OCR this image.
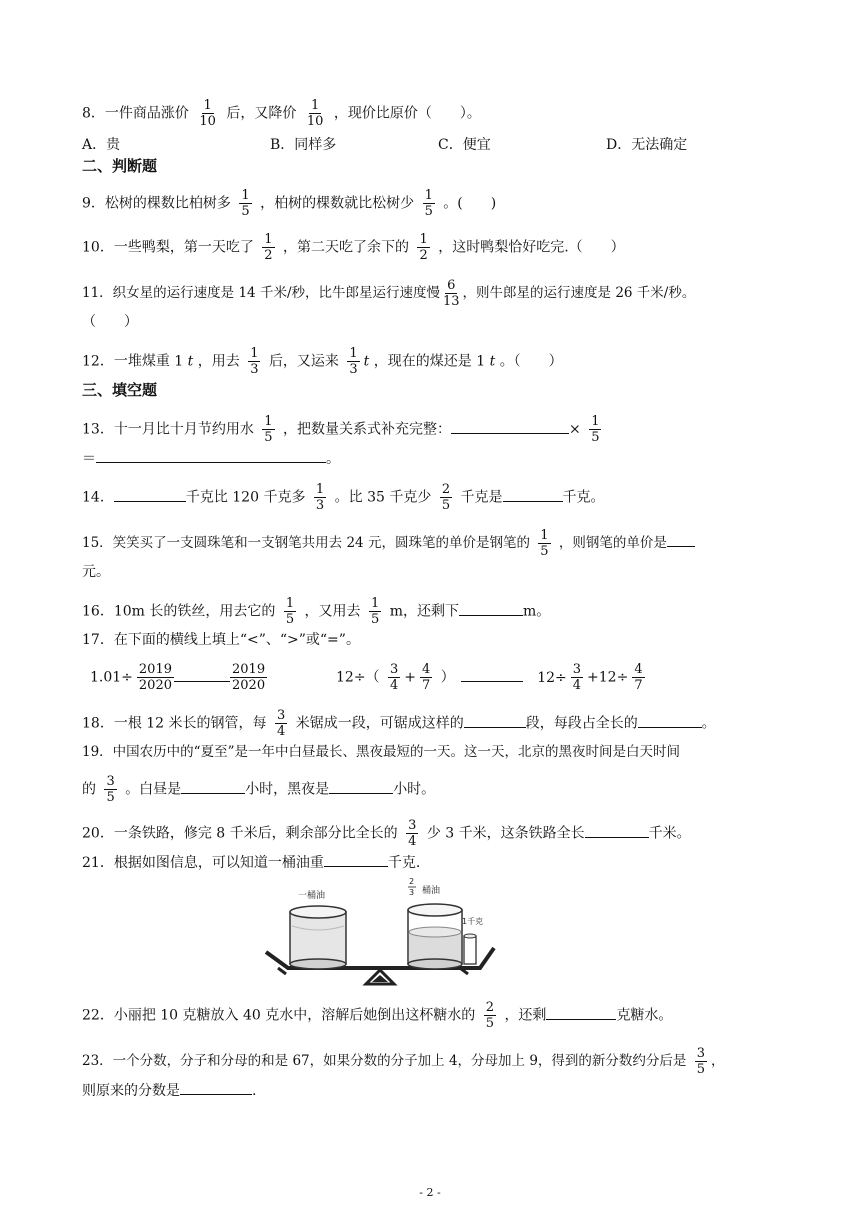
8．一件商品涨价 $\frac{1}{10}$ 后，又降价 $\frac{1}{10}$ ，现价比原价（　　）。
A．贵	B．同样多	C．便宜	D．无法确定
二、判断题
9．松树的棵数比柏树多 $\frac{1}{5}$ ，柏树的棵数就比松树少 $\frac{1}{5}$ 。(　　)
10．一些鸭梨，第一天吃了 $\frac{1}{2}$ ，第二天吃了余下的 $\frac{1}{2}$ ，这时鸭梨恰好吃完.（　　）
11．织女星的运行速度是 14 千米/秒，比牛郎星运行速度慢 $\frac{6}{13}$ ，则牛郎星的运行速度是 26 千米/秒。
（　　）
12．一堆煤重 1 t ，用去 $\frac{1}{3}$ 后，又运来 $\frac{1}{3}$ t ，现在的煤还是 1 t 。（　　）
三、填空题
13．十一月比十月节约用水 $\frac{1}{5}$ ，把数量关系式补充完整：	× $\frac{1}{5}$
＝	。
14．	千克比 120 千克多 $\frac{1}{3}$ 。比 35 千克少 $\frac{2}{5}$ 千克是	千克。
15．笑笑买了一支圆珠笔和一支钢笔共用去 24 元，圆珠笔的单价是钢笔的 $\frac{1}{5}$ ，则钢笔的单价是
元。
16．10m 长的铁丝，用去它的 $\frac{1}{5}$ ，又用去 $\frac{1}{5}$ m，还剩下	m。
17．在下面的横线上填上“<”、“>”或“=”。
$1.01\div \frac{2019}{2020}$	$\frac{2019}{2020}$	$12\div( \frac{3}{4} + \frac{4}{7}$ ）	$12\div \frac{3}{4} +12\div \frac{4}{7}$
18．一根 12 米长的钢管，每 $\frac{3}{4}$ 米锯成一段，可锯成这样的	段，每段占全长的	。
19．中国农历中的“夏至”是一年中白昼最长、黑夜最短的一天。这一天，北京的黑夜时间是白天时间
的 $\frac{3}{5}$ 。白昼是	小时，黑夜是	小时。
20．一条铁路，修完 8 千米后，剩余部分比全长的 $\frac{3}{4}$ 少 3 千米，这条铁路全长	千米。
21．根据如图信息，可以知道一桶油重	千克.
一桶油
2
3 桶油
1千克
22．小丽把 10 克糖放入 40 克水中，溶解后她倒出这杯糖水的 $\frac{2}{5}$ ，还剩	克糖水。
23．一个分数，分子和分母的和是 67，如果分数的分子加上 4，分母加上 9，得到的新分数约分后是 $\frac{3}{5}$ ，
则原来的分数是	.
- 2 -
